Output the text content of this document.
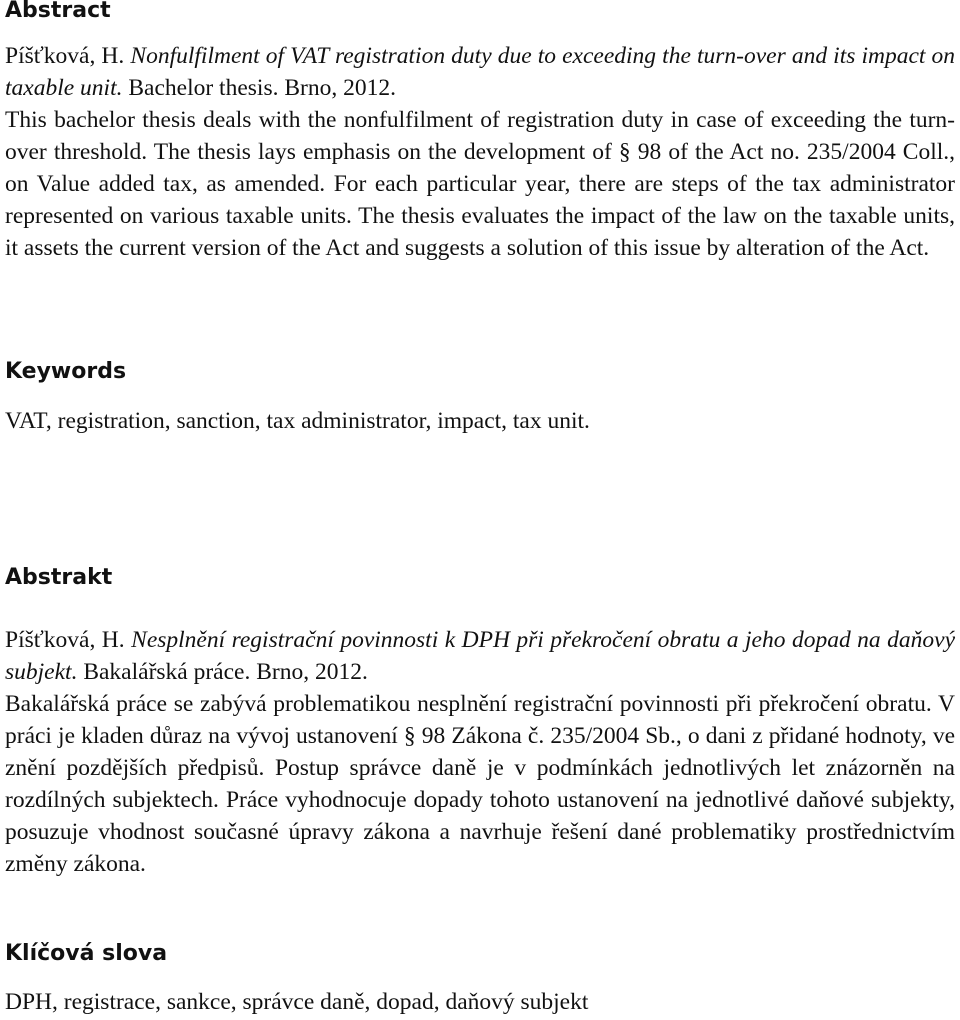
Abstract

Píšťková, H. Nonfulfilment of VAT registration duty due to exceeding the turn-over and its impact on taxable unit. Bachelor thesis. Brno, 2012.

This bachelor thesis deals with the nonfulfilment of registration duty in case of exceeding the turn-over threshold. The thesis lays emphasis on the development of § 98 of the Act no. 235/2004 Coll., on Value added tax, as amended. For each particular year, there are steps of the tax administrator represented on various taxable units. The thesis evaluates the impact of the law on the taxable units, it assets the current version of the Act and suggests a solution of this issue by alteration of the Act.

Keywords

VAT, registration, sanction, tax administrator, impact, tax unit.

Abstrakt

Píšťková, H. Nesplnění registrační povinnosti k DPH při překročení obratu a jeho dopad na daňový subjekt. Bakalářská práce. Brno, 2012.

Bakalářská práce se zabývá problematikou nesplnění registrační povinnosti při překročení obratu. V práci je kladen důraz na vývoj ustanovení § 98 Zákona č. 235/2004 Sb., o dani z přidané hodnoty, ve znění pozdějších předpisů. Postup správce daně je v podmínkách jednotlivých let znázorněn na rozdílných subjektech. Práce vyhodnocuje dopady tohoto ustanovení na jednotlivé daňové subjekty, posuzuje vhodnost současné úpravy zákona a navrhuje řešení dané problematiky prostřednictvím změny zákona.

Klíčová slova

DPH, registrace, sankce, správce daně, dopad, daňový subjekt
